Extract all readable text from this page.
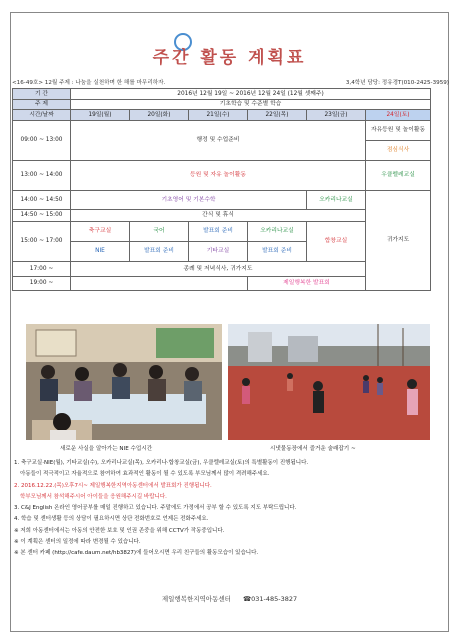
주간 활동 계획표
<16-49호> 12월 주제 : 나눔을 실천하며 한 해를 마무리하자.	3,4학년 담당: 정유경T(010-2425-3959)
기 간	2016년 12월 19일 ~ 2016년 12월 24일 (12월 셋째주)					
주 제	기초학습 및 수준별 학습					
시간/날짜	19일(월)	20일(화)	21일(수)	22일(목)	23일(금)	24일(토)
09:00 ~ 13:00	행정 및 수업준비					자유등원 및 놀이활동
						점심식사
13:00 ~ 14:00	등원 및 자유 놀이활동					우클렐레교실
14:00 ~ 14:50	기초영어 및 기본수학				오카리나교실	귀가지도
14:50 ~ 15:00	간식 및 휴식					
15:00 ~ 17:00	축구교실	국어	발표회 준비	오카리나교실	합창교실	
	NIE	발표회 준비	기타교실	발표회 준비		
17:00 ~	종례 및 저녁식사, 귀가지도					
19:00 ~				제일행복한 발표회		
새로운 사실을 알아가는 NIE 수업시간	시냇물동장에서 즐거운 술래잡기 ~
1. 축구교실·NIE(월), 기타교실(수), 오카리나교실(목), 오카리나·합창교실(금), 우클렐레교실(토)의 특별활동이 진행됩니다.
아동들이 적극적이고 자율적으로 참여하여 효과적인 활동이 될 수 있도록 부모님께서 많이 격려해주세요.
2. 2016.12.22.(목)오후7시~ 제일행복한지역아동센터에서 발표회가 진행됩니다.
학부모님께서 참석해주시어 아이들을 응원해주시길 바랍니다.
3. C&J English 온라인 영어공부를 매일 진행하고 있습니다. 주말에도 가정에서 공부 할 수 있도록 지도 부탁드립니다.
4. 학습 및 센터생활 등의 상담이 필요하시면 상단 전화번호로 언제든 전화주세요.
※ 저희 아동센터에서는 아동의 안전한 보호 및 인권 존중을 위해 CCTV가 작동중입니다.
※ 이 계획은 센터의 일정에 따라 변경될 수 있습니다.
※ 본 센터 카페 (http://cafe.daum.net/hb3827)에 들어오시면 우리 친구들의 활동모습이 있습니다.
제일행복한지역아동센터 ☎031-485-3827
